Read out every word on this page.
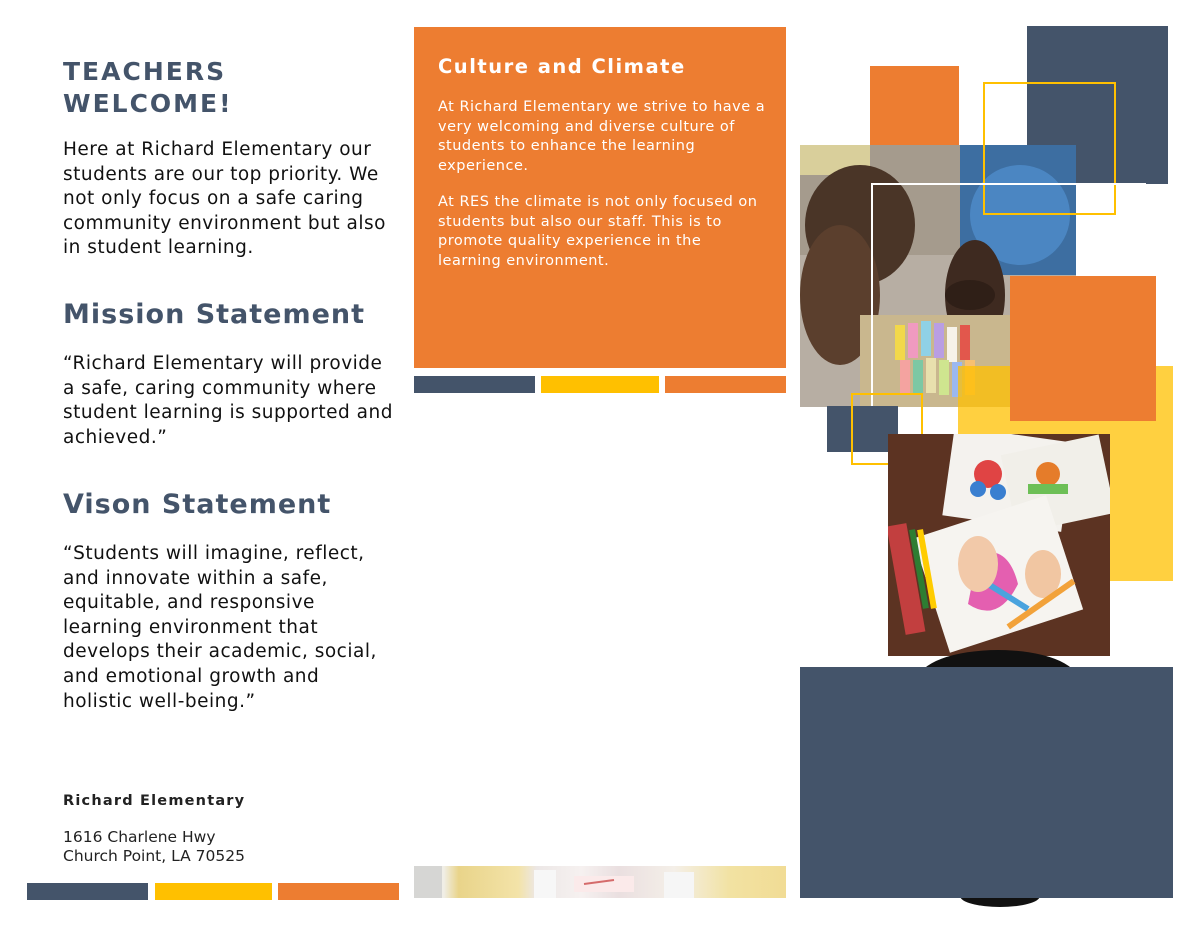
TEACHERS
WELCOME!
Here at Richard Elementary our students are our top priority. We not only focus on a safe caring community environment but also in student learning.
Mission Statement
“Richard Elementary will provide a safe, caring community where student learning is supported and achieved.”
Vison Statement
“Students will imagine, reflect, and innovate within a safe, equitable, and responsive learning environment that develops their academic, social, and emotional growth and holistic well-being.”
Richard Elementary
1616 Charlene Hwy
Church Point, LA 70525
Culture and Climate
At Richard Elementary we strive to have a very welcoming and diverse culture of students to enhance the learning experience.
At RES the climate is not only focused on students but also our staff. This is to promote quality experience in the learning environment.
